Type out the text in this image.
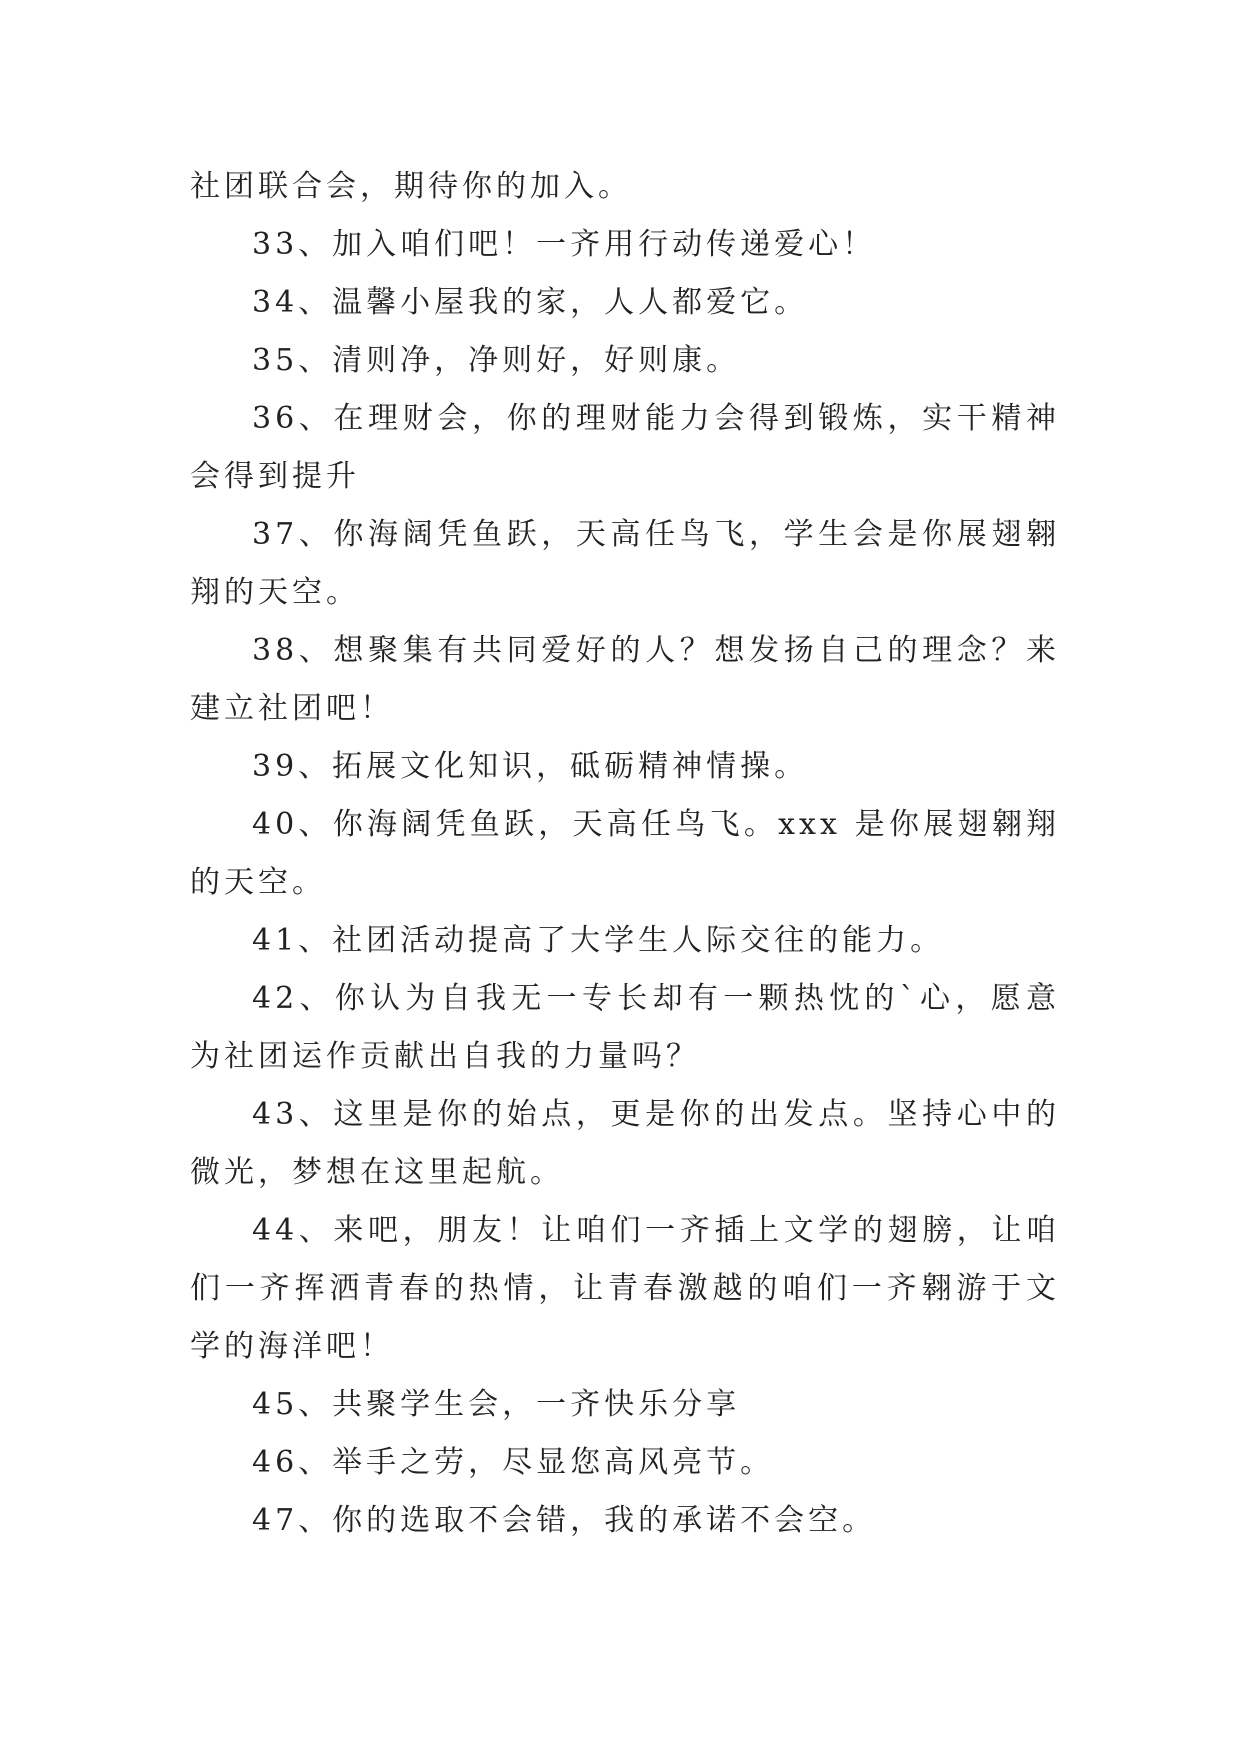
社团联合会，期待你的加入。

33、加入咱们吧！一齐用行动传递爱心！

34、温馨小屋我的家，人人都爱它。

35、清则净，净则好，好则康。

36、在理财会，你的理财能力会得到锻炼，实干精神会得到提升

37、你海阔凭鱼跃，天高任鸟飞，学生会是你展翅翱翔的天空。

38、想聚集有共同爱好的人？想发扬自己的理念？来建立社团吧！

39、拓展文化知识，砥砺精神情操。

40、你海阔凭鱼跃，天高任鸟飞。xxx 是你展翅翱翔的天空。

41、社团活动提高了大学生人际交往的能力。

42、你认为自我无一专长却有一颗热忱的`心，愿意为社团运作贡献出自我的力量吗？

43、这里是你的始点，更是你的出发点。坚持心中的微光，梦想在这里起航。

44、来吧，朋友！让咱们一齐插上文学的翅膀，让咱们一齐挥洒青春的热情，让青春激越的咱们一齐翱游于文学的海洋吧！

45、共聚学生会，一齐快乐分享

46、举手之劳，尽显您高风亮节。

47、你的选取不会错，我的承诺不会空。
